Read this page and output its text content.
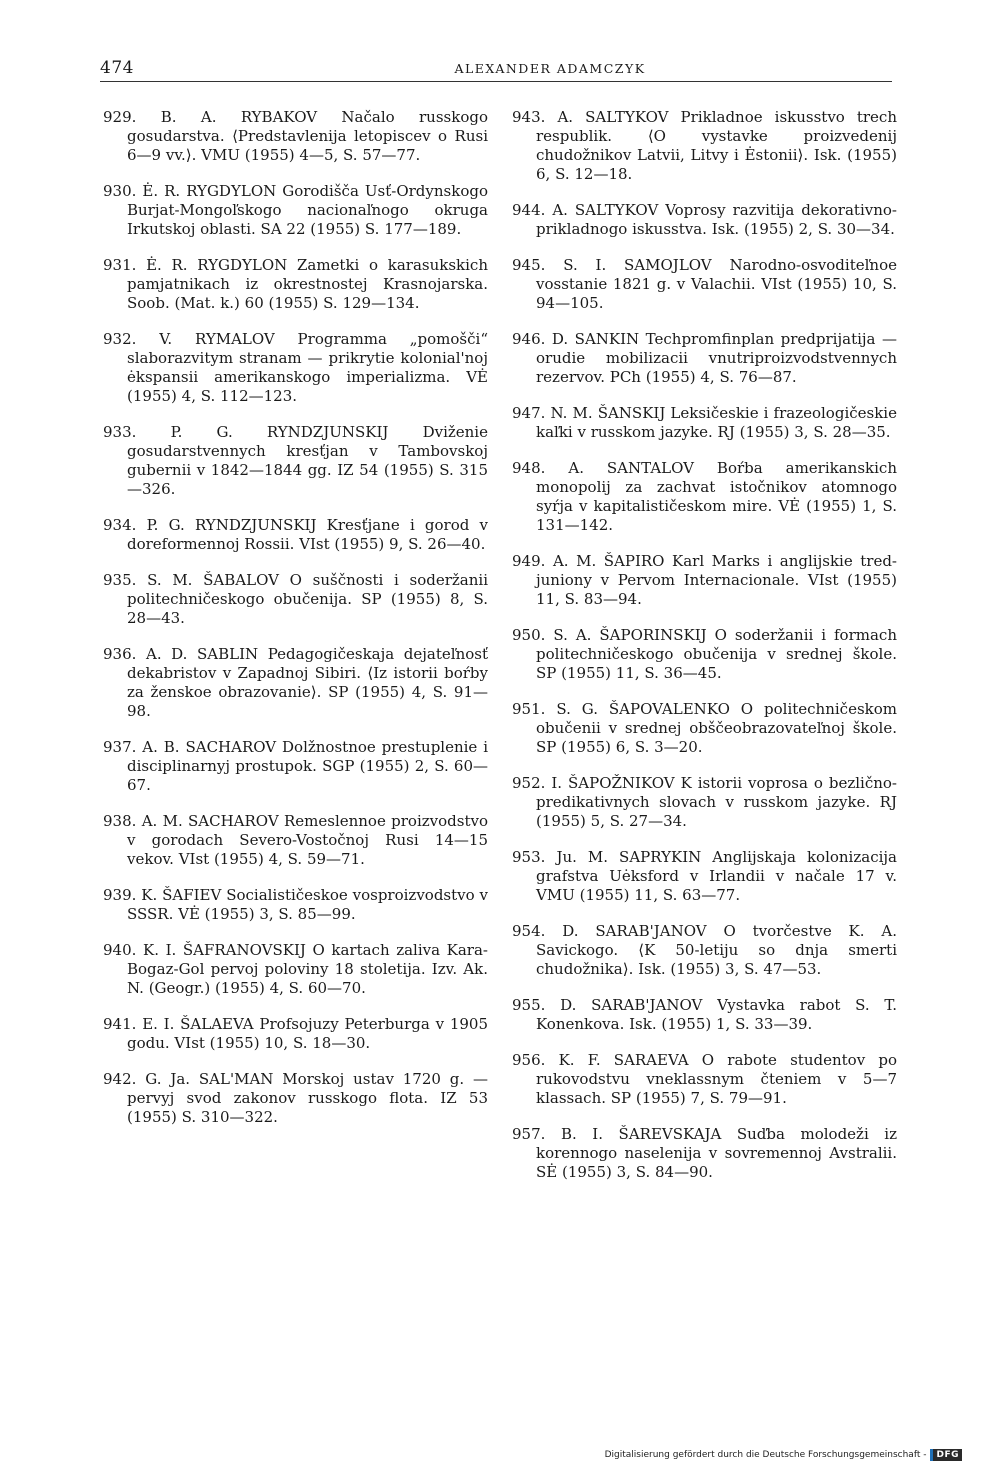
474	ALEXANDER ADAMCZYK
929. B. A. RYBAKOV Načalo russkogo gosudarstva. ⟨Predstavlenija letopiscev o Rusi 6—9 vv.⟩. VMU (1955) 4—5, S. 57—77.
930. Ė. R. RYGDYLON Gorodišča Usť-Ordynskogo Burjat-Mongoľskogo nacionaľnogo okruga Irkutskoj oblasti. SA 22 (1955) S. 177—189.
931. Ė. R. RYGDYLON Zametki o karasukskich pamjatnikach iz okrestnostej Krasnojarska. Soob. (Mat. k.) 60 (1955) S. 129—134.
932. V. RYMALOV Programma „pomošči“ slaborazvitym stranam — prikrytie kolonial'noj ėkspansii amerikanskogo imperializma. VĖ (1955) 4, S. 112—123.
933. P. G. RYNDZJUNSKIJ Dviženie gosudarstvennych kresťjan v Tambovskoj gubernii v 1842—1844 gg. IZ 54 (1955) S. 315—326.
934. P. G. RYNDZJUNSKIJ Kresťjane i gorod v doreformennoj Rossii. VIst (1955) 9, S. 26—40.
935. S. M. ŠABALOV O suščnosti i soderžanii politechničeskogo obučenija. SP (1955) 8, S. 28—43.
936. A. D. SABLIN Pedagogičeskaja dejateľnosť dekabristov v Zapadnoj Sibiri. ⟨Iz istorii boŕby za ženskoe obrazovanie⟩. SP (1955) 4, S. 91—98.
937. A. B. SACHAROV Dolžnostnoe prestuplenie i disciplinarnyj prostupok. SGP (1955) 2, S. 60—67.
938. A. M. SACHAROV Remeslennoe proizvodstvo v gorodach Severo-Vostočnoj Rusi 14—15 vekov. VIst (1955) 4, S. 59—71.
939. K. ŠAFIEV Socialističeskoe vosproizvodstvo v SSSR. VĖ (1955) 3, S. 85—99.
940. K. I. ŠAFRANOVSKIJ O kartach zaliva Kara-Bogaz-Gol pervoj poloviny 18 stoletija. Izv. Ak. N. (Geogr.) (1955) 4, S. 60—70.
941. E. I. ŠALAEVA Profsojuzy Peterburga v 1905 godu. VIst (1955) 10, S. 18—30.
942. G. Ja. SAL'MAN Morskoj ustav 1720 g. — pervyj svod zakonov russkogo flota. IZ 53 (1955) S. 310—322.
943. A. SALTYKOV Prikladnoe iskusstvo trech respublik. ⟨O vystavke proizvedenij chudožnikov Latvii, Litvy i Ėstonii⟩. Isk. (1955) 6, S. 12—18.
944. A. SALTYKOV Voprosy razvitija dekorativno-prikladnogo iskusstva. Isk. (1955) 2, S. 30—34.
945. S. I. SAMOJLOV Narodno-osvoditeľnoe vosstanie 1821 g. v Valachii. VIst (1955) 10, S. 94—105.
946. D. SANKIN Techpromfinplan predprijatija — orudie mobilizacii vnutriproizvodstvennych rezervov. PCh (1955) 4, S. 76—87.
947. N. M. ŠANSKIJ Leksičeskie i frazeologičeskie kaľki v russkom jazyke. RJ (1955) 3, S. 28—35.
948. A. SANTALOV Boŕba amerikanskich monopolij za zachvat istočnikov atomnogo syŕja v kapitalističeskom mire. VĖ (1955) 1, S. 131—142.
949. A. M. ŠAPIRO Karl Marks i anglijskie tred-juniony v Pervom Internacionale. VIst (1955) 11, S. 83—94.
950. S. A. ŠAPORINSKIJ O soderžanii i formach politechničeskogo obučenija v srednej škole. SP (1955) 11, S. 36—45.
951. S. G. ŠAPOVALENKO O politechničeskom obučenii v srednej obščeobrazovateľnoj škole. SP (1955) 6, S. 3—20.
952. I. ŠAPOŽNIKOV K istorii voprosa o bezlično-predikativnych slovach v russkom jazyke. RJ (1955) 5, S. 27—34.
953. Ju. M. SAPRYKIN Anglijskaja kolonizacija grafstva Uėksford v Irlandii v načale 17 v. VMU (1955) 11, S. 63—77.
954. D. SARAB'JANOV O tvorčestve K. A. Savickogo. ⟨K 50-letiju so dnja smerti chudožnika⟩. Isk. (1955) 3, S. 47—53.
955. D. SARAB'JANOV Vystavka rabot S. T. Konenkova. Isk. (1955) 1, S. 33—39.
956. K. F. SARAEVA O rabote studentov po rukovodstvu vneklassnym čteniem v 5—7 klassach. SP (1955) 7, S. 79—91.
957. B. I. ŠAREVSKAJA Suďba molodeži iz korennogo naselenija v sovremennoj Avstralii. SĖ (1955) 3, S. 84—90.
Digitalisierung gefördert durch die Deutsche Forschungsgemeinschaft -	DFG
